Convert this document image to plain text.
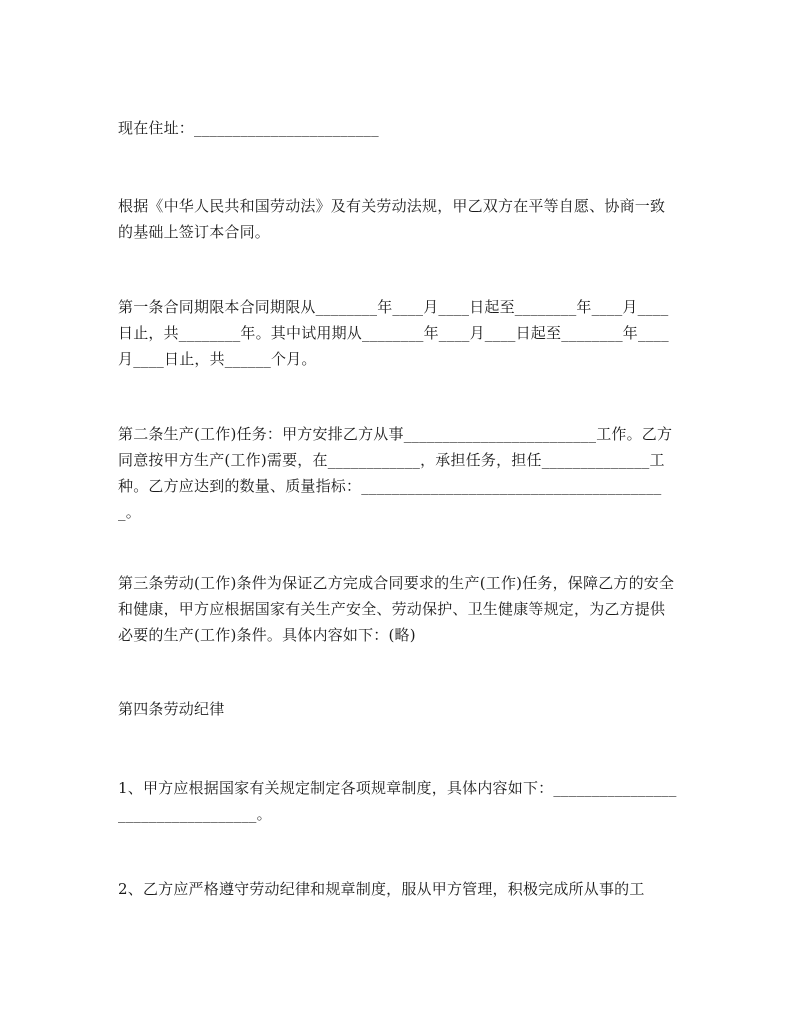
现在住址：________________________

根据《中华人民共和国劳动法》及有关劳动法规，甲乙双方在平等自愿、协商一致的基础上签订本合同。

第一条合同期限本合同期限从________年____月____日起至________年____月____日止，共________年。其中试用期从________年____月____日起至________年____月____日止，共______个月。

第二条生产(工作)任务：甲方安排乙方从事_________________________工作。乙方同意按甲方生产(工作)需要，在____________，承担任务，担任______________工种。乙方应达到的数量、质量指标：________________________________________。

第三条劳动(工作)条件为保证乙方完成合同要求的生产(工作)任务，保障乙方的安全和健康，甲方应根据国家有关生产安全、劳动保护、卫生健康等规定，为乙方提供必要的生产(工作)条件。具体内容如下：(略)

第四条劳动纪律

1、甲方应根据国家有关规定制定各项规章制度，具体内容如下：__________________________________。

2、乙方应严格遵守劳动纪律和规章制度，服从甲方管理，积极完成所从事的工
